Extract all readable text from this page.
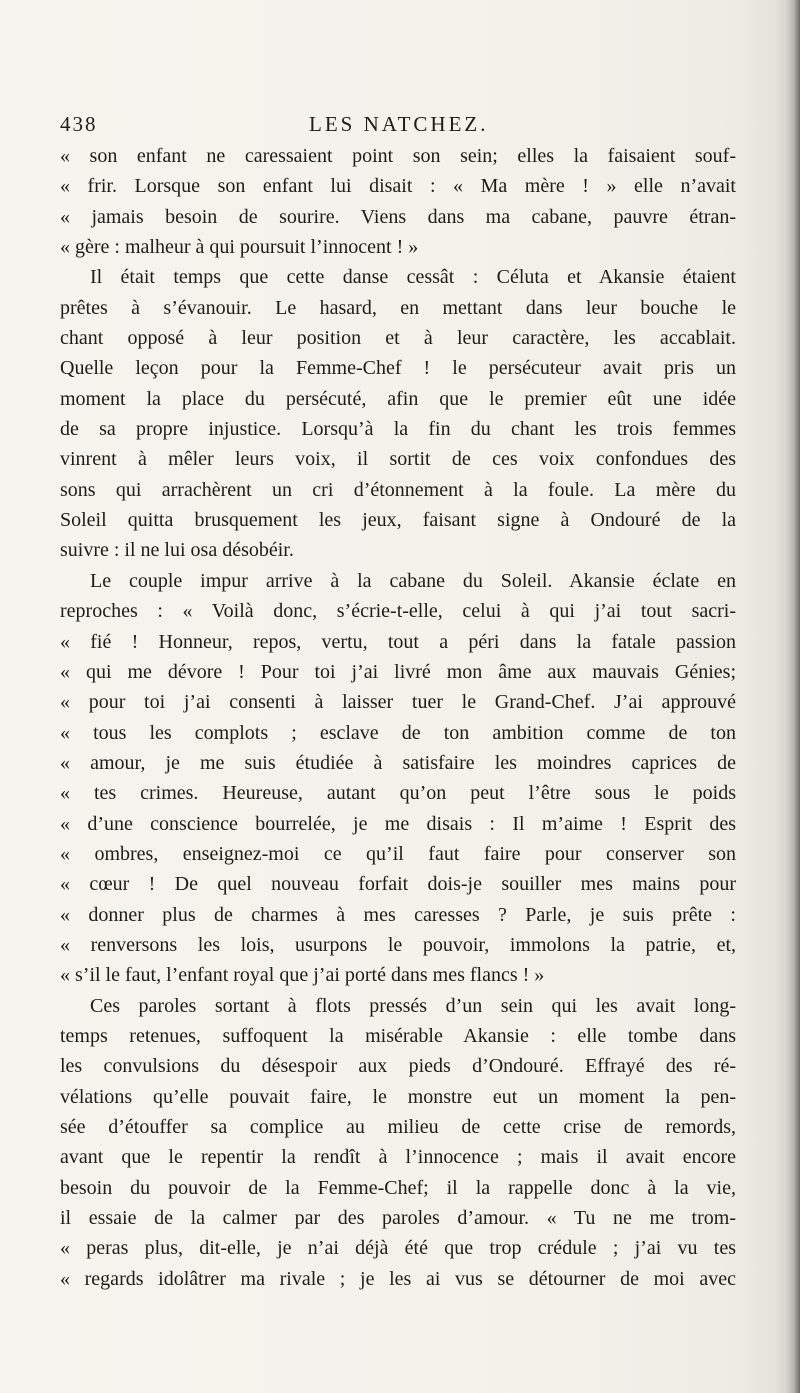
438	LES NATCHEZ.
« son enfant ne caressaient point son sein; elles la faisaient souf-
« frir. Lorsque son enfant lui disait : « Ma mère ! » elle n’avait
« jamais besoin de sourire. Viens dans ma cabane, pauvre étran-
« gère : malheur à qui poursuit l’innocent ! »
Il était temps que cette danse cessât : Céluta et Akansie étaient
prêtes à s’évanouir. Le hasard, en mettant dans leur bouche le
chant opposé à leur position et à leur caractère, les accablait.
Quelle leçon pour la Femme-Chef ! le persécuteur avait pris un
moment la place du persécuté, afin que le premier eût une idée
de sa propre injustice. Lorsqu’à la fin du chant les trois femmes
vinrent à mêler leurs voix, il sortit de ces voix confondues des
sons qui arrachèrent un cri d’étonnement à la foule. La mère du
Soleil quitta brusquement les jeux, faisant signe à Ondouré de la
suivre : il ne lui osa désobéir.
Le couple impur arrive à la cabane du Soleil. Akansie éclate en
reproches : « Voilà donc, s’écrie-t-elle, celui à qui j’ai tout sacri-
« fié ! Honneur, repos, vertu, tout a péri dans la fatale passion
« qui me dévore ! Pour toi j’ai livré mon âme aux mauvais Génies;
« pour toi j’ai consenti à laisser tuer le Grand-Chef. J’ai approuvé
« tous les complots ; esclave de ton ambition comme de ton
« amour, je me suis étudiée à satisfaire les moindres caprices de
« tes crimes. Heureuse, autant qu’on peut l’être sous le poids
« d’une conscience bourrelée, je me disais : Il m’aime ! Esprit des
« ombres, enseignez-moi ce qu’il faut faire pour conserver son
« cœur ! De quel nouveau forfait dois-je souiller mes mains pour
« donner plus de charmes à mes caresses ? Parle, je suis prête :
« renversons les lois, usurpons le pouvoir, immolons la patrie, et,
« s’il le faut, l’enfant royal que j’ai porté dans mes flancs ! »
Ces paroles sortant à flots pressés d’un sein qui les avait long-
temps retenues, suffoquent la misérable Akansie : elle tombe dans
les convulsions du désespoir aux pieds d’Ondouré. Effrayé des ré-
vélations qu’elle pouvait faire, le monstre eut un moment la pen-
sée d’étouffer sa complice au milieu de cette crise de remords,
avant que le repentir la rendît à l’innocence ; mais il avait encore
besoin du pouvoir de la Femme-Chef; il la rappelle donc à la vie,
il essaie de la calmer par des paroles d’amour. « Tu ne me trom-
« peras plus, dit-elle, je n’ai déjà été que trop crédule ; j’ai vu tes
« regards idolâtrer ma rivale ; je les ai vus se détourner de moi avec
